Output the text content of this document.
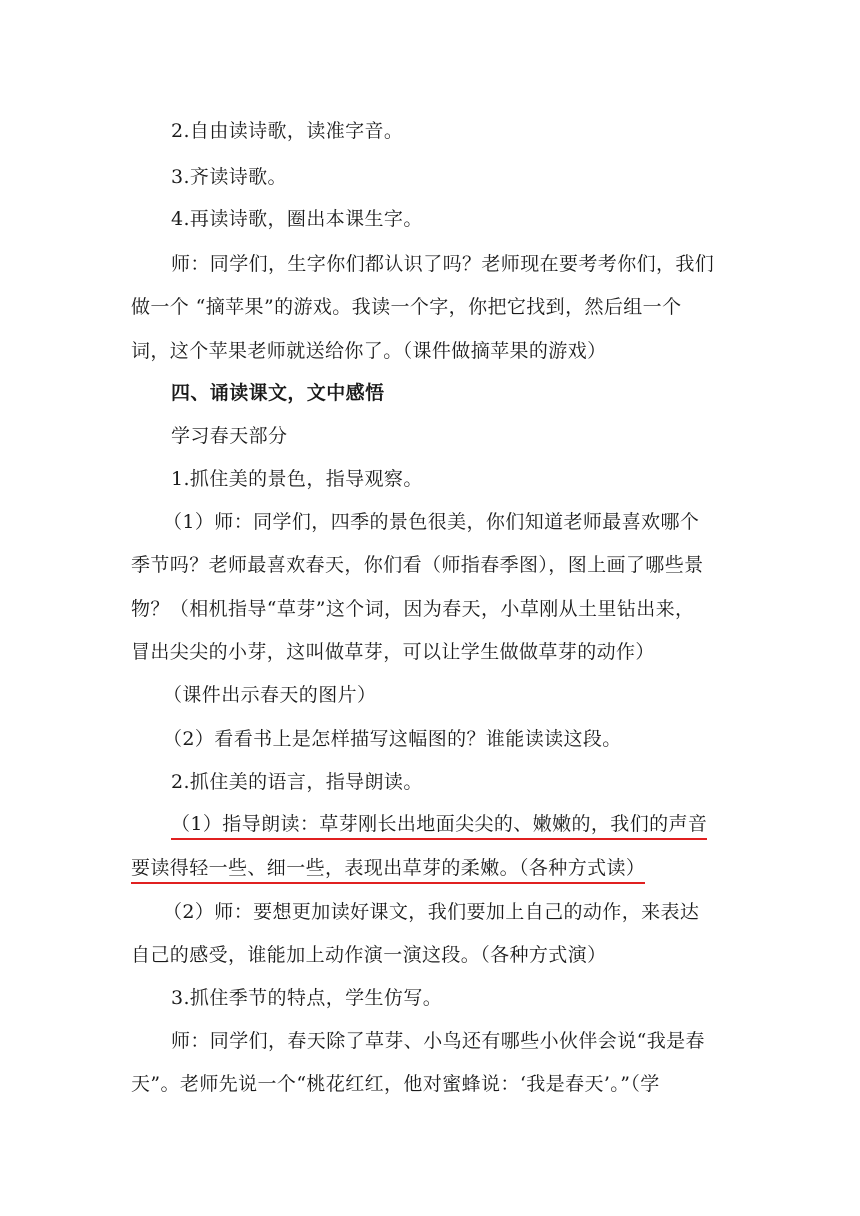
2.自由读诗歌，读准字音。
3.齐读诗歌。
4.再读诗歌，圈出本课生字。
师：同学们，生字你们都认识了吗？老师现在要考考你们，我们
做一个 “摘苹果”的游戏。我读一个字，你把它找到，然后组一个
词，这个苹果老师就送给你了。（课件做摘苹果的游戏）
四、诵读课文，文中感悟
学习春天部分
1.抓住美的景色，指导观察。
（1）师：同学们，四季的景色很美，你们知道老师最喜欢哪个
季节吗？老师最喜欢春天，你们看（师指春季图），图上画了哪些景
物？（相机指导“草芽”这个词，因为春天，小草刚从土里钻出来，
冒出尖尖的小芽，这叫做草芽，可以让学生做做草芽的动作）
（课件出示春天的图片）
（2）看看书上是怎样描写这幅图的？谁能读读这段。
2.抓住美的语言，指导朗读。
（1）指导朗读：草芽刚长出地面尖尖的、嫩嫩的，我们的声音
要读得轻一些、细一些，表现出草芽的柔嫩。（各种方式读）
（2）师：要想更加读好课文，我们要加上自己的动作，来表达
自己的感受，谁能加上动作演一演这段。（各种方式演）
3.抓住季节的特点，学生仿写。
师：同学们，春天除了草芽、小鸟还有哪些小伙伴会说“我是春
天”。老师先说一个“桃花红红，他对蜜蜂说：‘我是春天’。”（学
